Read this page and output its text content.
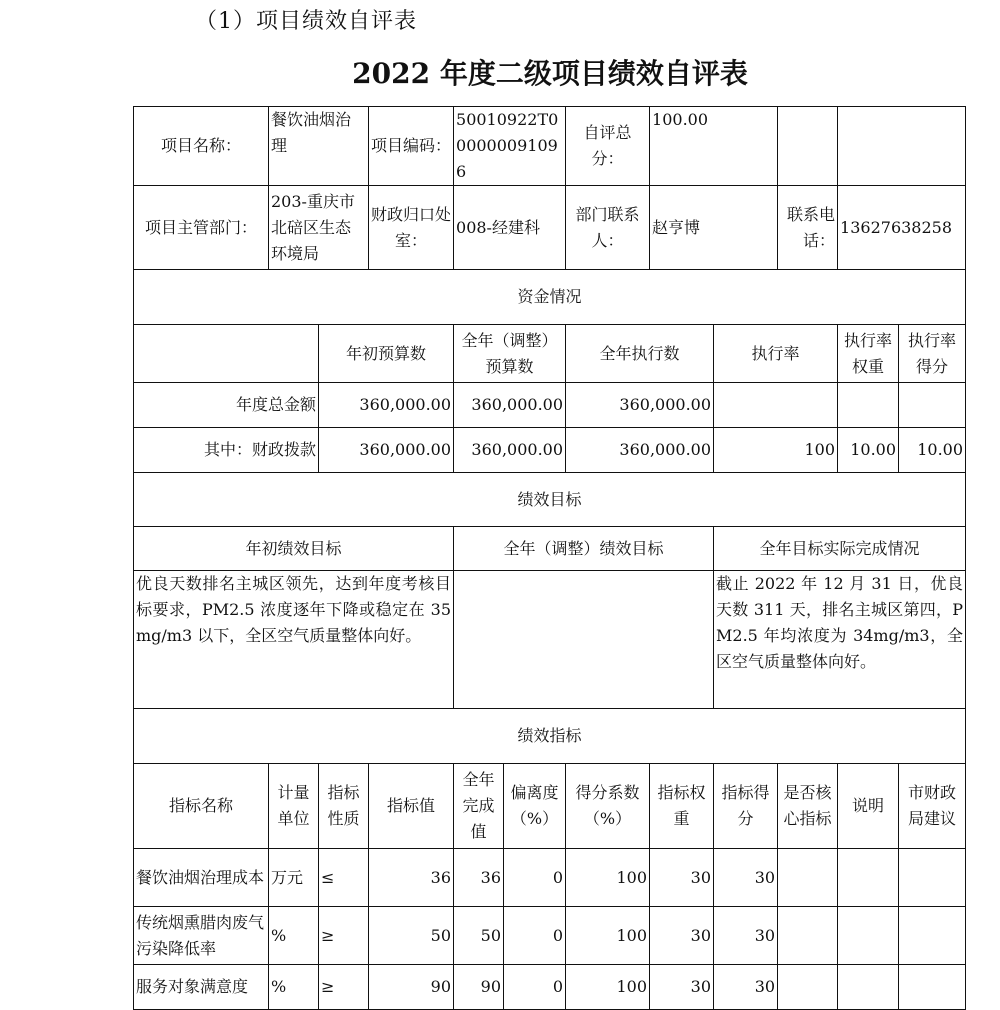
（1）项目绩效自评表
2022 年度二级项目绩效自评表
项目名称：	餐饮油烟治理		项目编码：	500109​22T000000091096		自评总分：	100.00				
项目主管部门：	203-重庆市北碚区生态环境局		财政归口处室：	008-经建科		部门联系人：	赵亨博		联系电话：	13627638258	
资金情况											
		年初预算数		全年（调整）预算数		全年执行数		执行率		执行率权重	执行率得分
年度总金额		360,000.00		360,000.00		360,000.00					
其中：财政拨款		360,000.00		360,000.00		360,000.00		100		10.00	10.00
绩效目标											
年初绩效目标				全年（调整）绩效目标				全年目标实际完成情况			
优良天数排名主城区领先，达到年度考核目标要求，PM2.5 浓度逐年下降或稳定在 35mg/m3 以下，全区空气质量整体向好。								截止 2022 年 12 月 31 日，优良天数 311 天，排名主城区第四，PM2.5 年均浓度为 34mg/m3，全区空气质量整体向好。			
绩效指标											
指标名称	计量单位	指标性质	指标值	全年完成值	偏离度（%）	得分系数（%）	指标权重	指标得分	是否核心指标	说明	市财政局建议
餐饮油烟治理成本	万元	≤	36	36	0	100	30	30			
传统烟熏腊肉废气污染降低率	%	≥	50	50	0	100	30	30			
服务对象满意度	%	≥	90	90	0	100	30	30			
